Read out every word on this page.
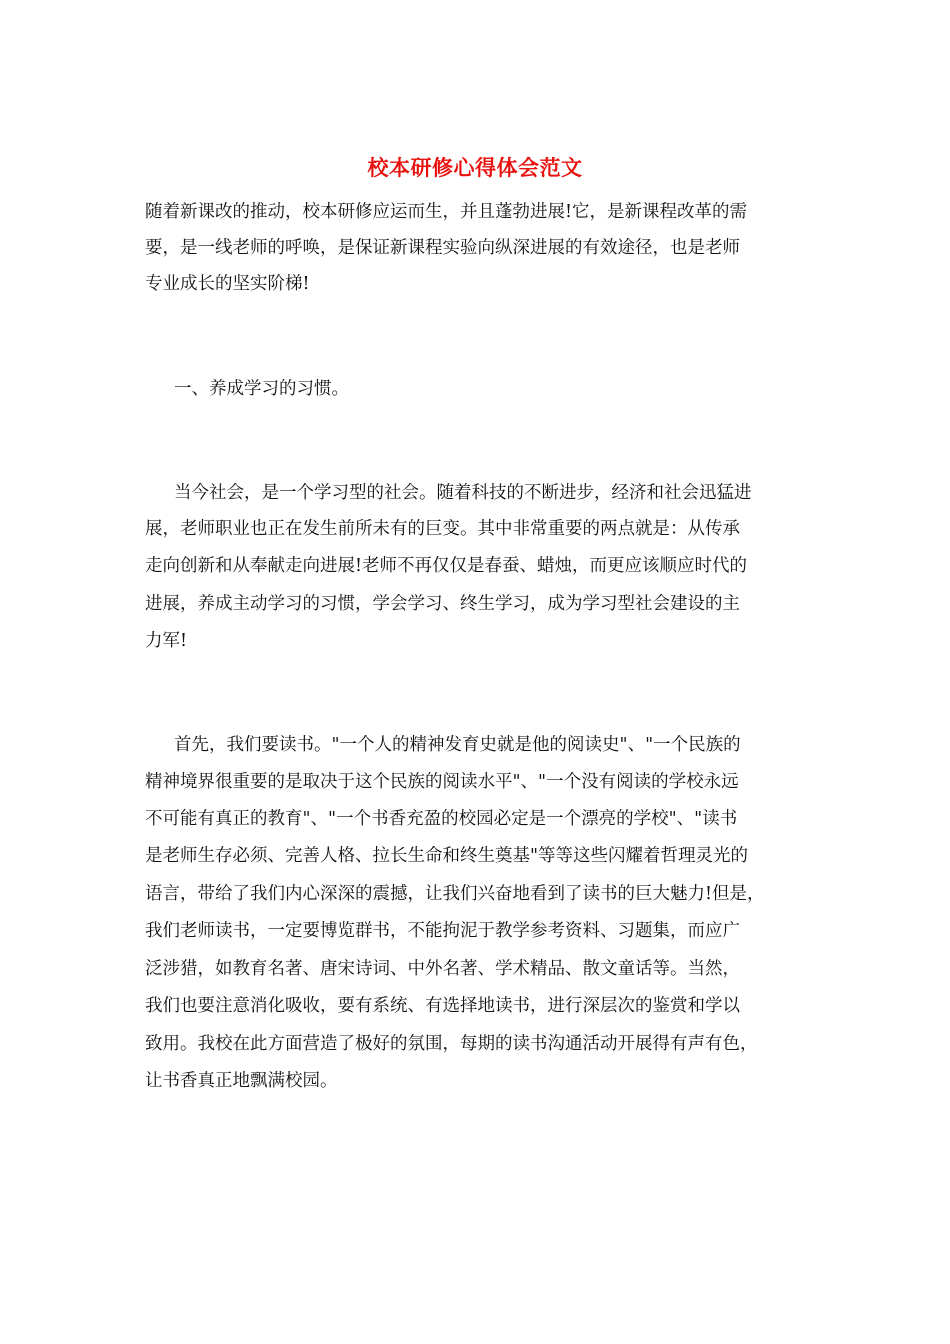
校本研修心得体会范文
随着新课改的推动，校本研修应运而生，并且蓬勃进展!它，是新课程改革的需
要，是一线老师的呼唤，是保证新课程实验向纵深进展的有效途径，也是老师
专业成长的坚实阶梯!
一、养成学习的习惯。
当今社会，是一个学习型的社会。随着科技的不断进步，经济和社会迅猛进
展，老师职业也正在发生前所未有的巨变。其中非常重要的两点就是：从传承
走向创新和从奉献走向进展!老师不再仅仅是春蚕、蜡烛，而更应该顺应时代的
进展，养成主动学习的习惯，学会学习、终生学习，成为学习型社会建设的主
力军!
首先，我们要读书。"一个人的精神发育史就是他的阅读史"、"一个民族的
精神境界很重要的是取决于这个民族的阅读水平"、"一个没有阅读的学校永远
不可能有真正的教育"、"一个书香充盈的校园必定是一个漂亮的学校"、"读书
是老师生存必须、完善人格、拉长生命和终生奠基"等等这些闪耀着哲理灵光的
语言，带给了我们内心深深的震撼，让我们兴奋地看到了读书的巨大魅力!但是，
我们老师读书，一定要博览群书，不能拘泥于教学参考资料、习题集，而应广
泛涉猎，如教育名著、唐宋诗词、中外名著、学术精品、散文童话等。当然，
我们也要注意消化吸收，要有系统、有选择地读书，进行深层次的鉴赏和学以
致用。我校在此方面营造了极好的氛围，每期的读书沟通活动开展得有声有色，
让书香真正地飘满校园。
